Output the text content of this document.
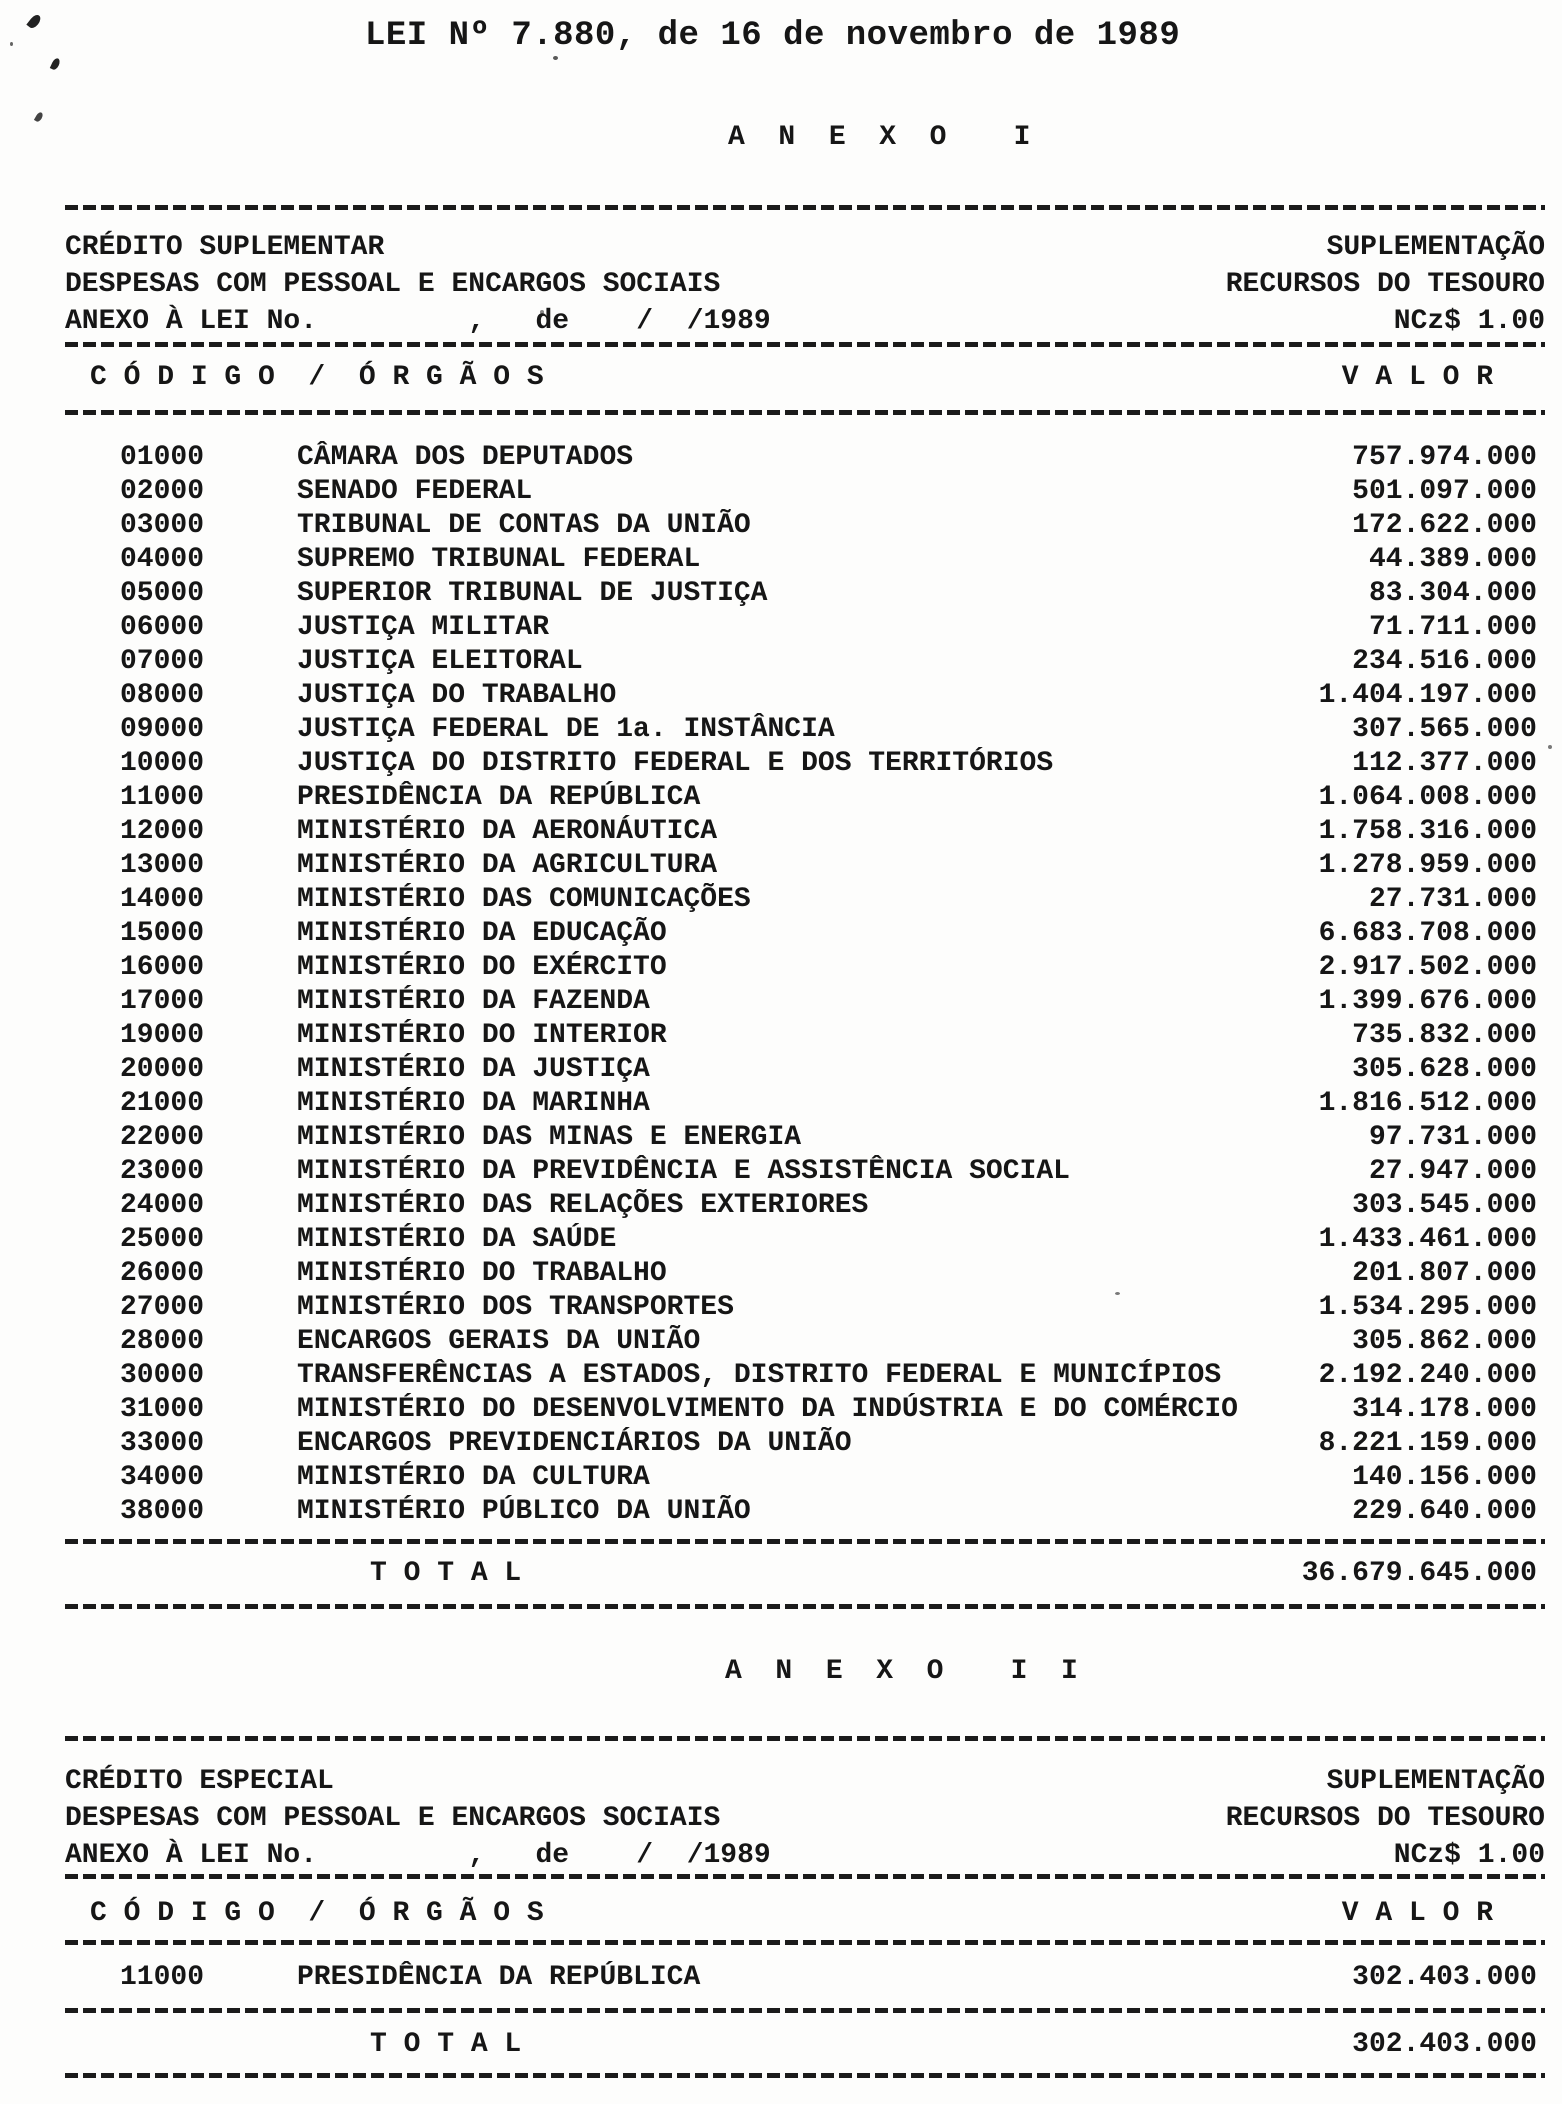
LEI Nº 7.880, de 16 de novembro de 1989
A  N  E  X  O    I
CRÉDITO SUPLEMENTAR	SUPLEMENTAÇÃO
DESPESAS COM PESSOAL E ENCARGOS SOCIAIS	RECURSOS DO TESOURO
ANEXO À LEI No.         ,   de    /  /1989	NCz$ 1.00
C Ó D I G O  /  Ó R G Ã O S	V A L O R
01000	CÂMARA DOS DEPUTADOS	757.974.000
02000	SENADO FEDERAL	501.097.000
03000	TRIBUNAL DE CONTAS DA UNIÃO	172.622.000
04000	SUPREMO TRIBUNAL FEDERAL	44.389.000
05000	SUPERIOR TRIBUNAL DE JUSTIÇA	83.304.000
06000	JUSTIÇA MILITAR	71.711.000
07000	JUSTIÇA ELEITORAL	234.516.000
08000	JUSTIÇA DO TRABALHO	1.404.197.000
09000	JUSTIÇA FEDERAL DE 1a. INSTÂNCIA	307.565.000
10000	JUSTIÇA DO DISTRITO FEDERAL E DOS TERRITÓRIOS	112.377.000
11000	PRESIDÊNCIA DA REPÚBLICA	1.064.008.000
12000	MINISTÉRIO DA AERONÁUTICA	1.758.316.000
13000	MINISTÉRIO DA AGRICULTURA	1.278.959.000
14000	MINISTÉRIO DAS COMUNICAÇÕES	27.731.000
15000	MINISTÉRIO DA EDUCAÇÃO	6.683.708.000
16000	MINISTÉRIO DO EXÉRCITO	2.917.502.000
17000	MINISTÉRIO DA FAZENDA	1.399.676.000
19000	MINISTÉRIO DO INTERIOR	735.832.000
20000	MINISTÉRIO DA JUSTIÇA	305.628.000
21000	MINISTÉRIO DA MARINHA	1.816.512.000
22000	MINISTÉRIO DAS MINAS E ENERGIA	97.731.000
23000	MINISTÉRIO DA PREVIDÊNCIA E ASSISTÊNCIA SOCIAL	27.947.000
24000	MINISTÉRIO DAS RELAÇÕES EXTERIORES	303.545.000
25000	MINISTÉRIO DA SAÚDE	1.433.461.000
26000	MINISTÉRIO DO TRABALHO	201.807.000
27000	MINISTÉRIO DOS TRANSPORTES	1.534.295.000
28000	ENCARGOS GERAIS DA UNIÃO	305.862.000
30000	TRANSFERÊNCIAS A ESTADOS, DISTRITO FEDERAL E MUNICÍPIOS	2.192.240.000
31000	MINISTÉRIO DO DESENVOLVIMENTO DA INDÚSTRIA E DO COMÉRCIO	314.178.000
33000	ENCARGOS PREVIDENCIÁRIOS DA UNIÃO	8.221.159.000
34000	MINISTÉRIO DA CULTURA	140.156.000
38000	MINISTÉRIO PÚBLICO DA UNIÃO	229.640.000
T O T A L	36.679.645.000
A  N  E  X  O    I  I
CRÉDITO ESPECIAL	SUPLEMENTAÇÃO
DESPESAS COM PESSOAL E ENCARGOS SOCIAIS	RECURSOS DO TESOURO
ANEXO À LEI No.         ,   de    /  /1989	NCz$ 1.00
C Ó D I G O  /  Ó R G Ã O S	V A L O R
11000	PRESIDÊNCIA DA REPÚBLICA	302.403.000
T O T A L	302.403.000
